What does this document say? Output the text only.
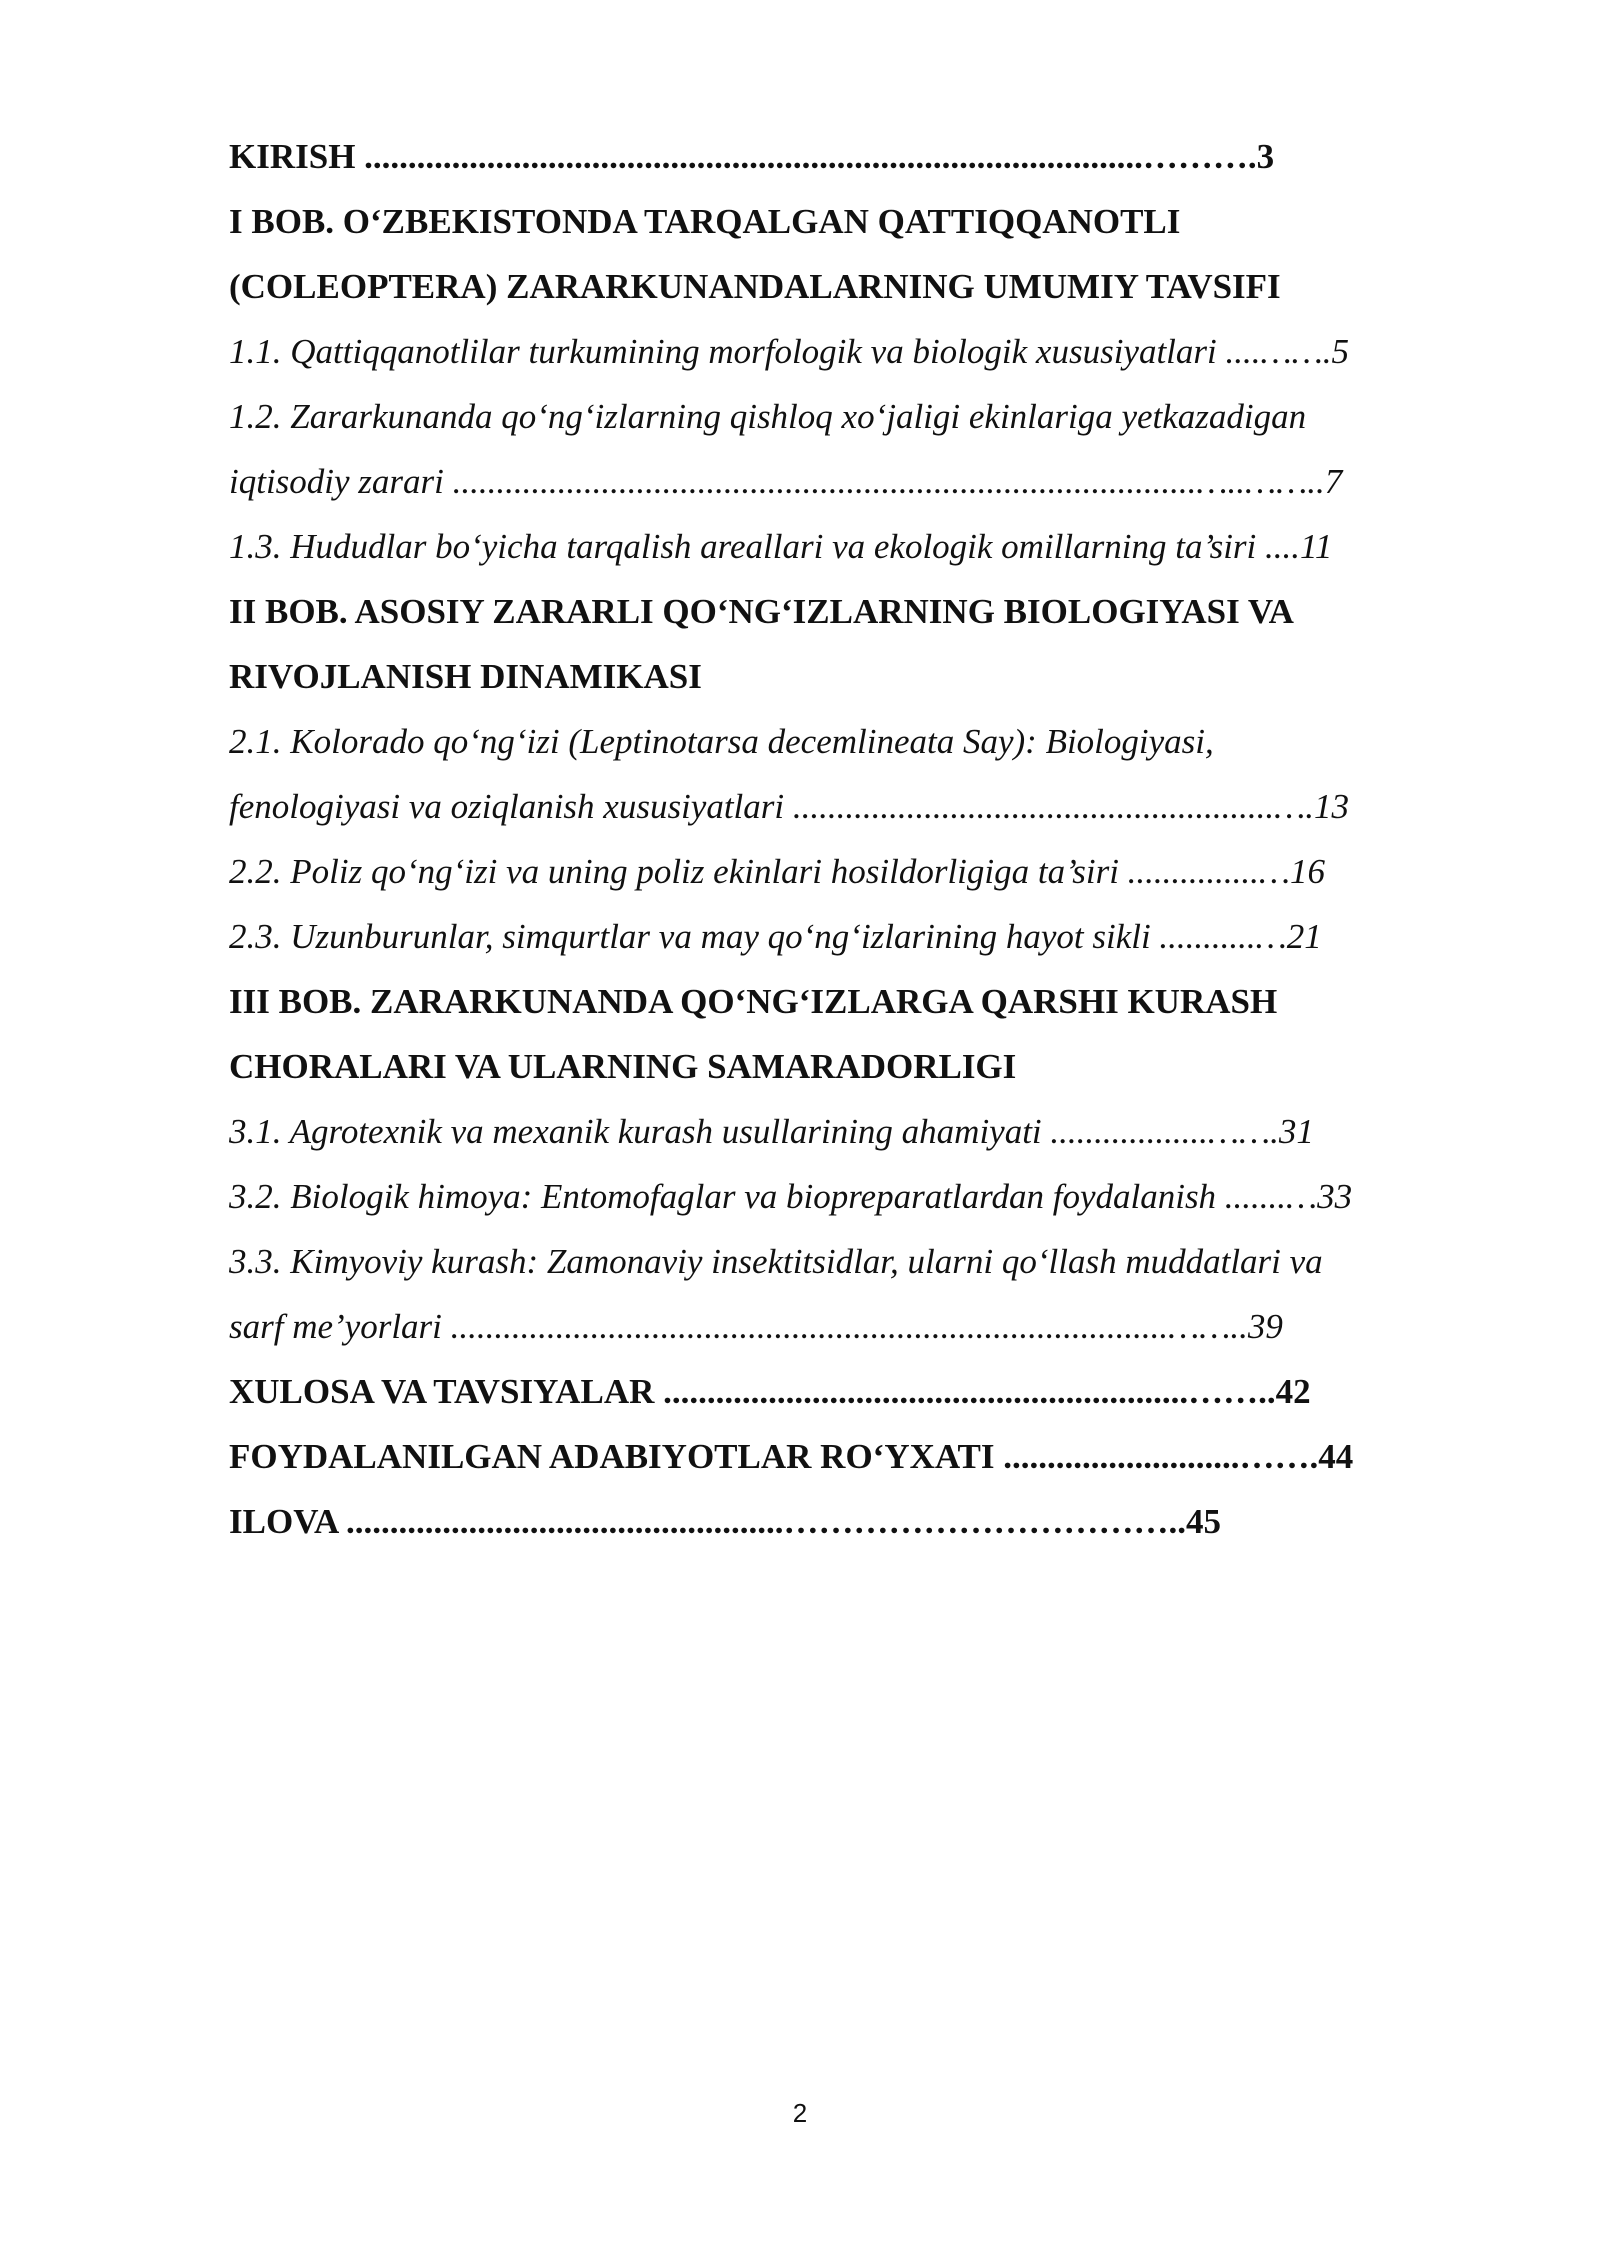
KIRISH .........................................................................................……….3

I BOB. O‘ZBEKISTONDA TARQALGAN QATTIQQANOTLI

(COLEOPTERA) ZARARKUNANDALARNING UMUMIY TAVSIFI

1.1. Qattiqqanotlilar turkumining morfologik va biologik xususiyatlari ....…….5

1.2. Zararkunanda qo‘ng‘izlarning qishloq xo‘jaligi ekinlariga yetkazadigan

iqtisodiy zarari .....................................................................................…..……..7

1.3. Hududlar bo‘yicha tarqalish areallari va ekologik omillarning ta’siri ....11

II BOB. ASOSIY ZARARLI QO‘NG‘IZLARNING BIOLOGIYASI VA

RIVOJLANISH DINAMIKASI

2.1. Kolorado qo‘ng‘izi (Leptinotarsa decemlineata Say): Biologiyasi,

fenologiyasi va oziqlanish xususiyatlari .......................................................….13

2.2. Poliz qo‘ng‘izi va uning poliz ekinlari hosildorligiga ta’siri ...............…16

2.3. Uzunburunlar, simqurtlar va may qo‘ng‘izlarining hayot sikli ...........…21

III BOB. ZARARKUNANDA QO‘NG‘IZLARGA QARSHI KURASH

CHORALARI VA ULARNING SAMARADORLIGI

3.1. Agrotexnik va mexanik kurash usullarining ahamiyati ..................…….31

3.2. Biologik himoya: Entomofaglar va biopreparatlardan foydalanish .......…33

3.3. Kimyoviy kurash: Zamonaviy insektitsidlar, ularni qo‘llash muddatlari va

sarf me’yorlari ..................................................................................……..39

XULOSA VA TAVSIYALAR ............................................................……..42

FOYDALANILGAN ADABIYOTLAR RO‘YXATI ...........................…….44

ILOVA ..................................................……………………………..45

2
